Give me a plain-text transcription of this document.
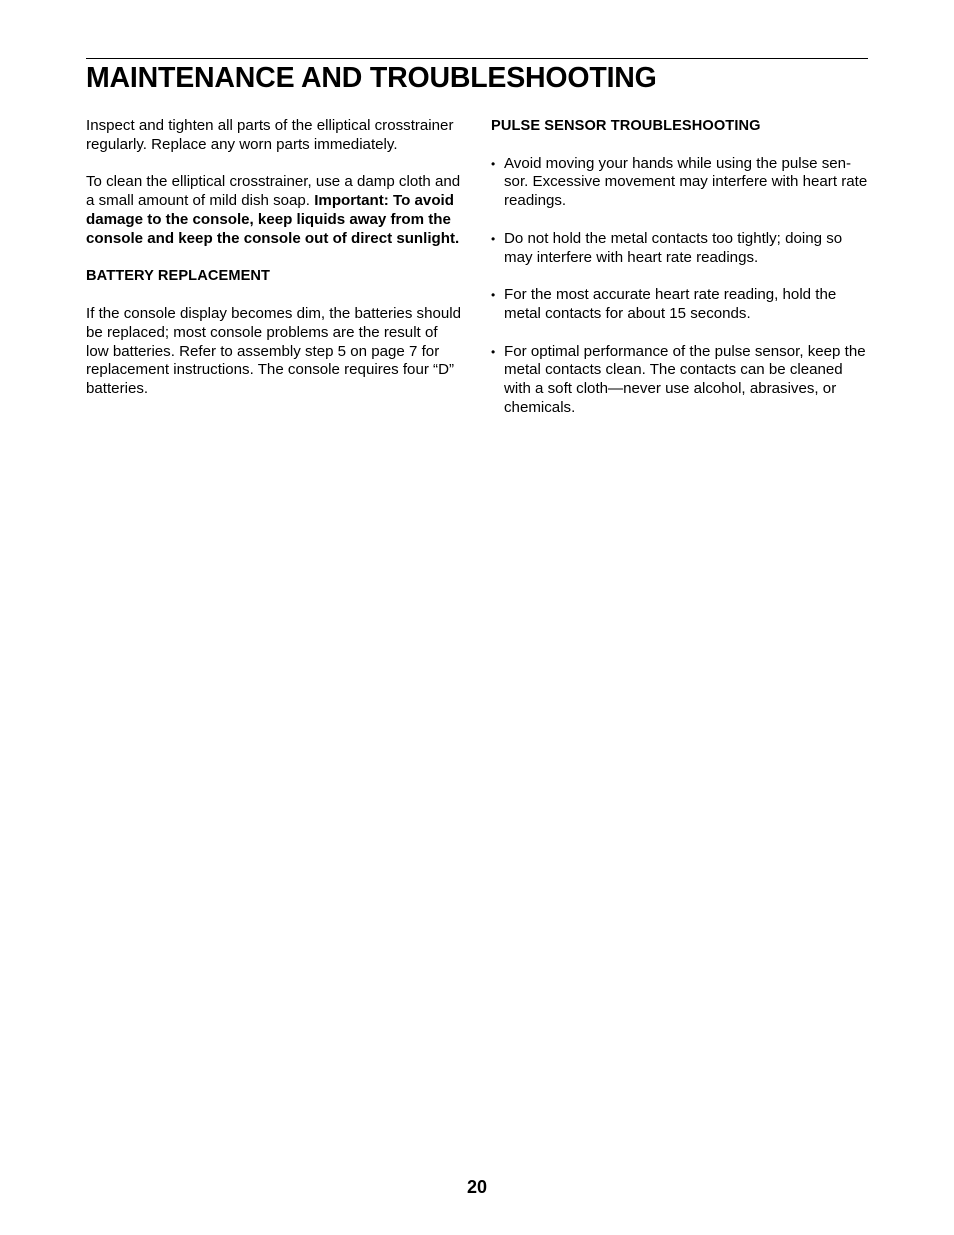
MAINTENANCE AND TROUBLESHOOTING

Inspect and tighten all parts of the elliptical crosstrainer regularly. Replace any worn parts immediately.

To clean the elliptical crosstrainer, use a damp cloth and a small amount of mild dish soap. Important: To avoid damage to the console, keep liquids away from the console and keep the console out of direct sunlight.

BATTERY REPLACEMENT

If the console display becomes dim, the batteries should be replaced; most console problems are the result of low batteries. Refer to assembly step 5 on page 7 for replacement instructions. The console requires four “D” batteries.

PULSE SENSOR TROUBLESHOOTING

• Avoid moving your hands while using the pulse sen-sor. Excessive movement may interfere with heart rate readings.
• Do not hold the metal contacts too tightly; doing so may interfere with heart rate readings.
• For the most accurate heart rate reading, hold the metal contacts for about 15 seconds.
• For optimal performance of the pulse sensor, keep the metal contacts clean. The contacts can be cleaned with a soft cloth—never use alcohol, abrasives, or chemicals.
20
